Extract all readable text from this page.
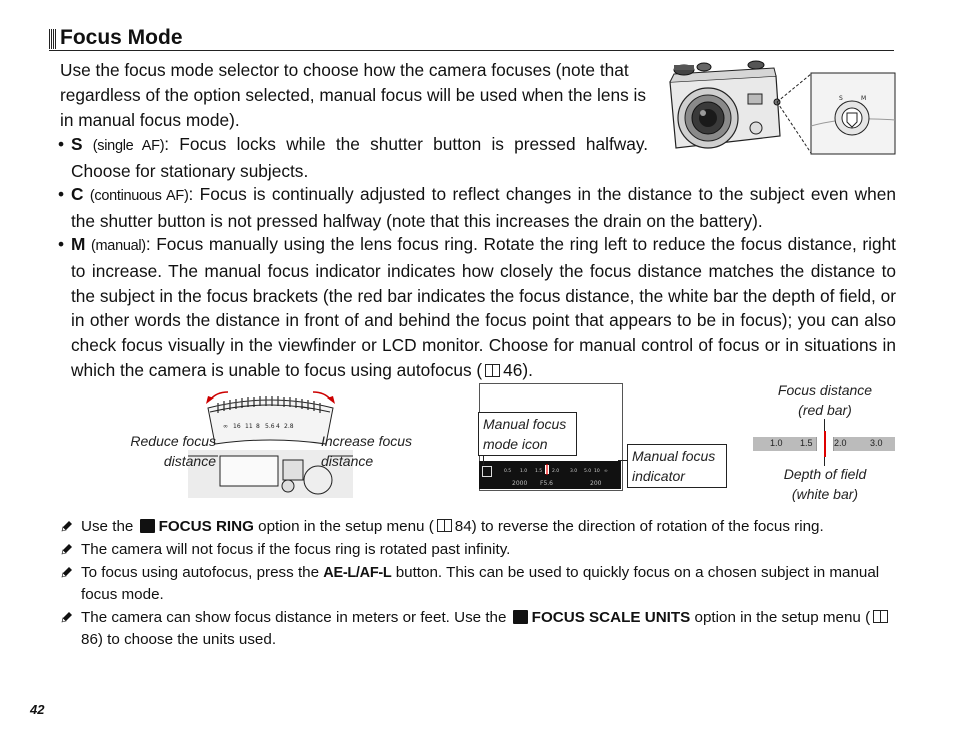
Focus Mode
Use the focus mode selector to choose how the camera focuses (note that regardless of the option selected, manual focus will be used when the lens is in manual focus mode).
• S (single AF): Focus locks while the shutter button is pressed halfway. Choose for stationary subjects.
• C (continuous AF): Focus is continually adjusted to reflect changes in the distance to the subject even when the shutter button is not pressed halfway (note that this increases the drain on the battery).
• M (manual): Focus manually using the lens focus ring. Rotate the ring left to reduce the focus distance, right to increase. The manual focus indicator indicates how closely the focus distance matches the distance to the subject in the focus brackets (the red bar indicates the focus distance, the white bar the depth of field, or in other words the distance in front of and behind the focus point that appears to be in focus); you can also check focus visually in the viewfinder or LCD monitor. Choose for manual control of focus or in situations in which the camera is unable to focus using autofocus ( 46).
S	M
∞ 16 11 8 5.6 4 2.8
Reduce focus distance
Increase focus distance
0.5 1.0 1.5 2.0 3.0 5.0 10 ∞
2000 F5.6	200
Manual focus mode icon
Manual focus indicator
Focus distance (red bar)
1.0 1.5 2.0	3.0
Depth of field (white bar)
Use the FOCUS RING option in the setup menu ( 84) to reverse the direction of rotation of the focus ring.
The camera will not focus if the focus ring is rotated past infinity.
To focus using autofocus, press the AE-L/AF-L button. This can be used to quickly focus on a chosen subject in manual focus mode.
The camera can show focus distance in meters or feet. Use the FOCUS SCALE UNITS option in the setup menu (86) to choose the units used.
42
